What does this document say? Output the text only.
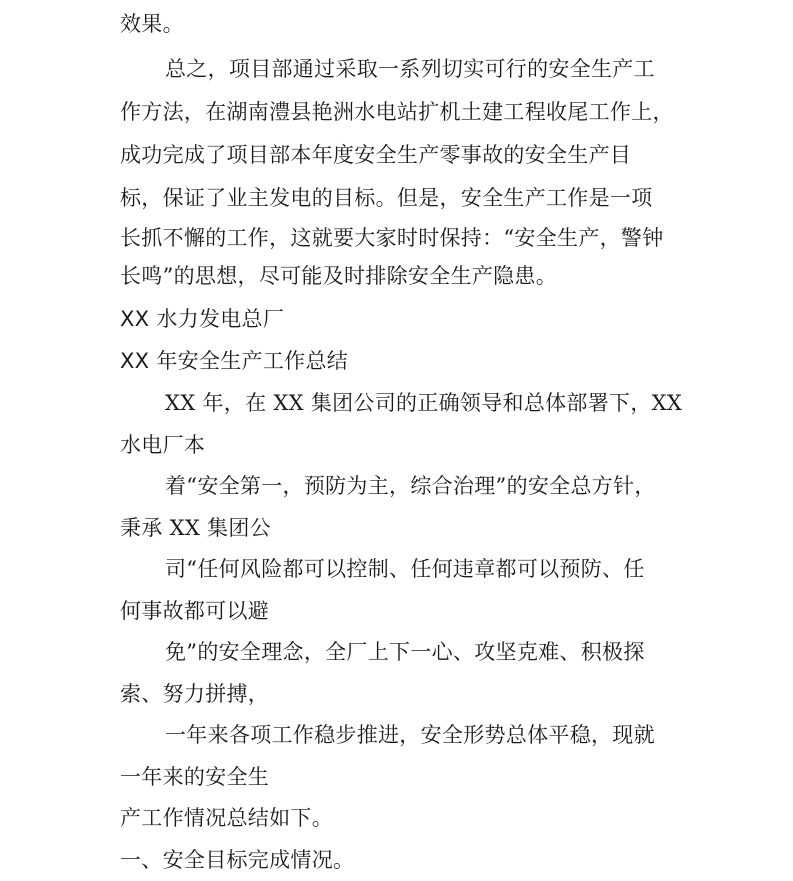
效果。
总之，项目部通过采取一系列切实可行的安全生产工
作方法，在湖南澧县艳洲水电站扩机土建工程收尾工作上，
成功完成了项目部本年度安全生产零事故的安全生产目
标，保证了业主发电的目标。但是，安全生产工作是一项
长抓不懈的工作，这就要大家时时保持：“安全生产，警钟
长鸣”的思想，尽可能及时排除安全生产隐患。
XX 水力发电总厂
XX 年安全生产工作总结
XX 年，在 XX 集团公司的正确领导和总体部署下，XX
水电厂本
着“安全第一，预防为主，综合治理”的安全总方针，
秉承 XX 集团公
司“任何风险都可以控制、任何违章都可以预防、任
何事故都可以避
免”的安全理念，全厂上下一心、攻坚克难、积极探
索、努力拼搏，
一年来各项工作稳步推进，安全形势总体平稳，现就
一年来的安全生
产工作情况总结如下。
一、安全目标完成情况。
